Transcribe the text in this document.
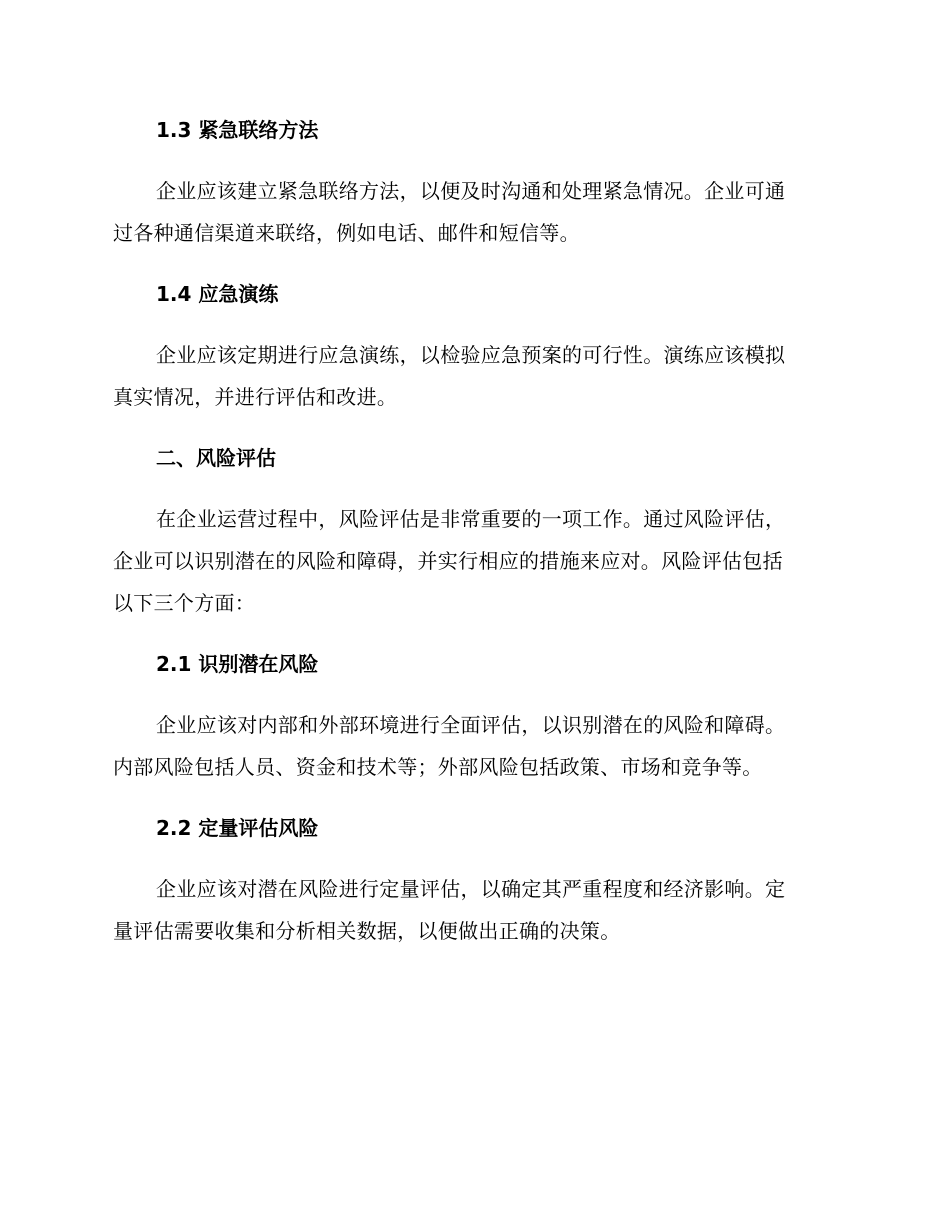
1.3 紧急联络方法
企业应该建立紧急联络方法，以便及时沟通和处理紧急情况。企业可通
过各种通信渠道来联络，例如电话、邮件和短信等。
1.4 应急演练
企业应该定期进行应急演练，以检验应急预案的可行性。演练应该模拟
真实情况，并进行评估和改进。
二、风险评估
在企业运营过程中，风险评估是非常重要的一项工作。通过风险评估，
企业可以识别潜在的风险和障碍，并实行相应的措施来应对。风险评估包括
以下三个方面：
2.1 识别潜在风险
企业应该对内部和外部环境进行全面评估，以识别潜在的风险和障碍。
内部风险包括人员、资金和技术等；外部风险包括政策、市场和竞争等。
2.2 定量评估风险
企业应该对潜在风险进行定量评估，以确定其严重程度和经济影响。定
量评估需要收集和分析相关数据，以便做出正确的决策。
